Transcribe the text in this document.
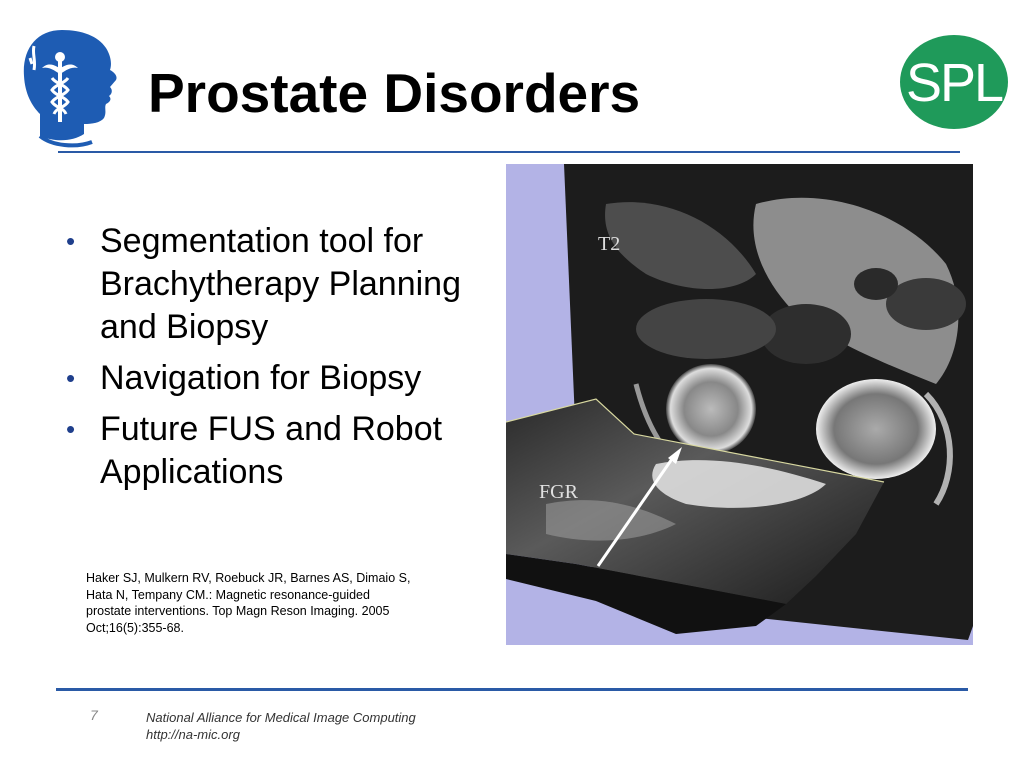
Prostate Disorders	SPL
• Segmentation tool for Brachytherapy Planning and Biopsy
• Navigation for Biopsy
• Future FUS and Robot Applications

Haker SJ, Mulkern RV, Roebuck JR, Barnes AS, Dimaio S, Hata N, Tempany CM.: Magnetic resonance-guided prostate interventions. Top Magn Reson Imaging. 2005 Oct;16(5):355-68.

T2
FGR
7	National Alliance for Medical Image Computing
http://na-mic.org
